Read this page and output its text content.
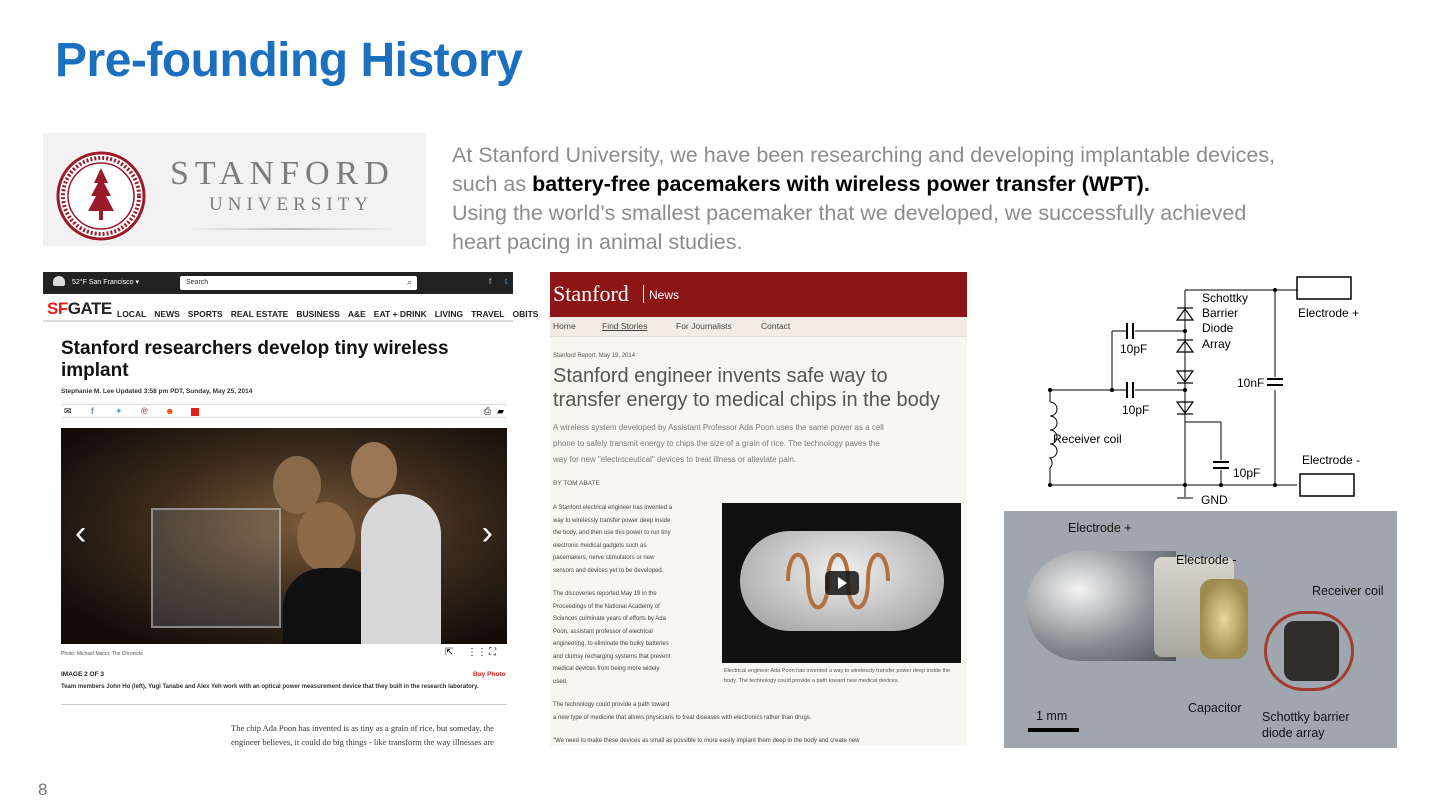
Pre-founding History
STANFORD
UNIVERSITY
At Stanford University, we have been researching and developing implantable devices,
such as battery-free pacemakers with wireless power transfer (WPT).
Using the world’s smallest pacemaker that we developed, we successfully achieved
heart pacing in animal studies.
52°F San Francisco ▾	Search	⌕	f t
SFGATE LOCAL NEWS SPORTS REAL ESTATE BUSINESS A&E EAT + DRINK LIVING TRAVEL OBITS
Stanford researchers develop tiny wireless implant
Stephanie M. Lee Updated 3:58 pm PDT, Sunday, May 25, 2014
✉ f ✦ ℗ ☻	⎙ ▰
‹	›
Photo: Michael Macor, The Chronicle	⇱ ⋮⋮ ⛶
IMAGE 2 OF 3	Buy Photo
Team members John Ho (left), Yugi Tanabe and Alex Yeh work with an optical power measurement device that they built in the research laboratory.
The chip Ada Poon has invented is as tiny as a grain of rice, but someday, the
engineer believes, it could do big things - like transform the way illnesses are
Stanford News
Home	Find Stories	For Journalists	Contact
Stanford Report, May 19, 2014
Stanford engineer invents safe way to
transfer energy to medical chips in the body
A wireless system developed by Assistant Professor Ada Poon uses the same power as a cell
phone to safely transmit energy to chips the size of a grain of rice. The technology paves the
way for new "electroceutical" devices to treat illness or alleviate pain.
BY TOM ABATE
A Stanford electrical engineer has invented a
way to wirelessly transfer power deep inside
the body, and then use this power to run tiny
electronic medical gadgets such as
pacemakers, nerve stimulators or new
sensors and devices yet to be developed.
The discoveries reported May 19 in the
Proceedings of the National Academy of
Sciences culminate years of efforts by Ada
Poon, assistant professor of electrical
engineering, to eliminate the bulky batteries
and clumsy recharging systems that prevent
medical devices from being more widely
used.
Electrical engineer Ada Poon has invented a way to wirelessly transfer power deep inside the body. The technology could provide a path toward new medical devices.
The technology could provide a path toward
a new type of medicine that allows physicians to treat diseases with electronics rather than drugs.
"We need to make these devices as small as possible to more easily implant them deep in the body and create new
Schottky
Barrier
Diode
Array
Electrode +
Electrode -
10pF
10pF
10nF
10pF
Receiver coil
GND
Electrode +
Electrode -
Receiver coil
Capacitor
Schottky barrier
diode array
1 mm
8
